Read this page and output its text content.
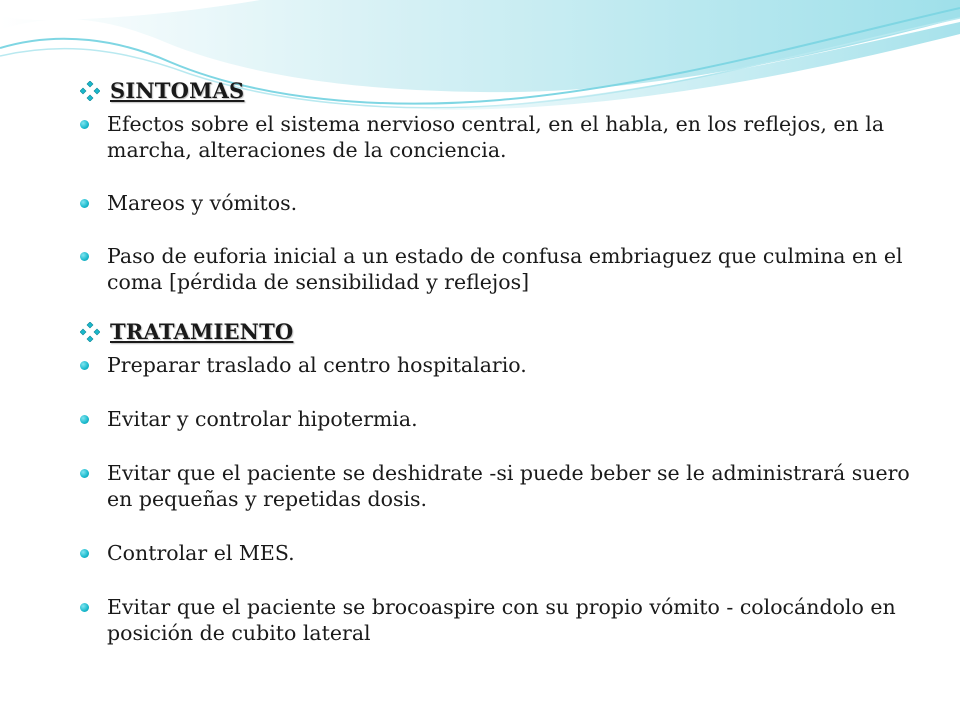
SINTOMAS
Efectos sobre el sistema nervioso central, en el habla, en los reflejos, en la marcha, alteraciones de la conciencia.
Mareos y vómitos.
Paso de euforia inicial a un estado de confusa embriaguez que culmina en el coma [pérdida de sensibilidad y reflejos]
TRATAMIENTO
Preparar traslado al centro hospitalario.
Evitar y controlar hipotermia.
Evitar que el paciente se deshidrate -si puede beber se le administrará suero en pequeñas y repetidas dosis.
Controlar el MES.
Evitar que el paciente se brocoaspire con su propio vómito - colocándolo en posición de cubito lateral
